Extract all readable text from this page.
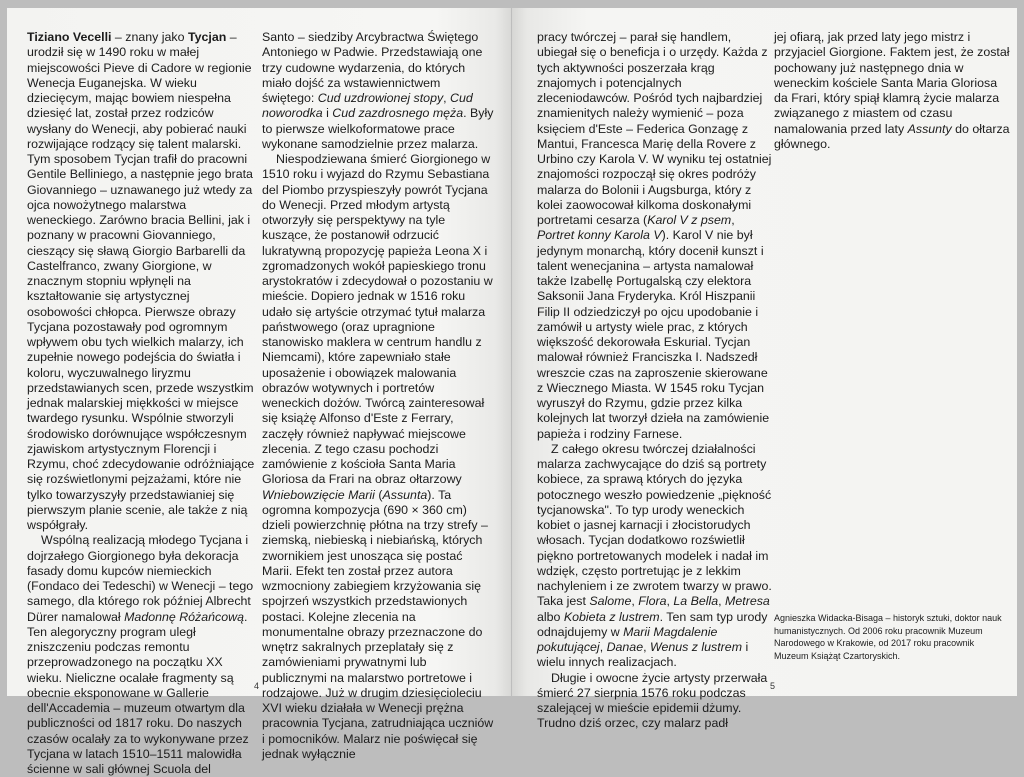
Tiziano Vecelli – znany jako Tycjan – urodził się w 1490 roku w małej miejscowości Pieve di Cadore w regionie Wenecja Euganejska. W wieku dziecięcym, mając bowiem niespełna dziesięć lat, został przez rodziców wysłany do Wenecji, aby pobierać nauki rozwijające rodzący się talent malarski. Tym sposobem Tycjan trafił do pracowni Gentile Belliniego, a następnie jego brata Giovanniego – uznawanego już wtedy za ojca nowożytnego malarstwa weneckiego. Zarówno bracia Bellini, jak i poznany w pracowni Giovanniego, cieszący się sławą Giorgio Barbarelli da Castelfranco, zwany Giorgione, w znacznym stopniu wpłynęli na kształtowanie się artystycznej osobowości chłopca. Pierwsze obrazy Tycjana pozostawały pod ogromnym wpływem obu tych wielkich malarzy, ich zupełnie nowego podejścia do światła i koloru, wyczuwalnego liryzmu przedstawianych scen, przede wszystkim jednak malarskiej miękkości w miejsce twardego rysunku. Wspólnie stworzyli środowisko dorównujące współczesnym zjawiskom artystycznym Florencji i Rzymu, choć zdecydowanie odróżniające się rozświetlonymi pejzażami, które nie tylko towarzyszyły przedstawianiej się pierwszym planie scenie, ale także z nią współgrały.

Wspólną realizacją młodego Tycjana i dojrzałego Giorgionego była dekoracja fasady domu kupców niemieckich (Fondaco dei Tedeschi) w Wenecji – tego samego, dla którego rok później Albrecht Dürer namalował Madonnę Różańcową. Ten alegoryczny program uległ zniszczeniu podczas remontu przeprowadzonego na początku XX wieku. Nieliczne ocalałe fragmenty są obecnie eksponowane w Gallerie dell'Accademia – muzeum otwartym dla publiczności od 1817 roku. Do naszych czasów ocalały za to wykonywane przez Tycjana w latach 1510–1511 malowidła ścienne w sali głównej Scuola del

Santo – siedziby Arcybractwa Świętego Antoniego w Padwie. Przedstawiają one trzy cudowne wydarzenia, do których miało dojść za wstawiennictwem świętego: Cud uzdrowionej stopy, Cud noworodka i Cud zazdrosnego męża. Były to pierwsze wielkoformatowe prace wykonane samodzielnie przez malarza.

Niespodziewana śmierć Giorgionego w 1510 roku i wyjazd do Rzymu Sebastiana del Piombo przyspieszyły powrót Tycjana do Wenecji. Przed młodym artystą otworzyły się perspektywy na tyle kuszące, że postanowił odrzucić lukratywną propozycję papieża Leona X i zgromadzonych wokół papieskiego tronu arystokratów i zdecydował o pozostaniu w mieście. Dopiero jednak w 1516 roku udało się artyście otrzymać tytuł malarza państwowego (oraz upragnione stanowisko maklera w centrum handlu z Niemcami), które zapewniało stałe uposażenie i obowiązek malowania obrazów wotywnych i portretów weneckich dożów. Twórcą zainteresował się książę Alfonso d'Este z Ferrary, zaczęły również napływać miejscowe zlecenia. Z tego czasu pochodzi zamówienie z kościoła Santa Maria Gloriosa da Frari na obraz ołtarzowy Wniebowzięcie Marii (Assunta). Ta ogromna kompozycja (690 × 360 cm) dzieli powierzchnię płótna na trzy strefy – ziemską, niebieską i niebiańską, których zwornikiem jest unosząca się postać Marii. Efekt ten został przez autora wzmocniony zabiegiem krzyżowania się spojrzeń wszystkich przedstawionych postaci. Kolejne zlecenia na monumentalne obrazy przeznaczone do wnętrz sakralnych przeplatały się z zamówieniami prywatnymi lub publicznymi na malarstwo portretowe i rodzajowe. Już w drugim dziesięcioleciu XVI wieku działała w Wenecji prężna pracownia Tycjana, zatrudniająca uczniów i pomocników. Malarz nie poświęcał się jednak wyłącznie

4

pracy twórczej – parał się handlem, ubiegał się o beneficja i o urzędy. Każda z tych aktywności poszerzała krąg znajomych i potencjalnych zleceniodawców. Pośród tych najbardziej znamienitych należy wymienić – poza księciem d'Este – Federica Gonzagę z Mantui, Francesca Marię della Rovere z Urbino czy Karola V. W wyniku tej ostatniej znajomości rozpoczął się okres podróży malarza do Bolonii i Augsburga, który z kolei zaowocował kilkoma doskonałymi portretami cesarza (Karol V z psem, Portret konny Karola V). Karol V nie był jedynym monarchą, który docenił kunszt i talent wenecjanina – artysta namalował także Izabellę Portugalską czy elektora Saksonii Jana Fryderyka. Król Hiszpanii Filip II odziedziczył po ojcu upodobanie i zamówił u artysty wiele prac, z których większość dekorowała Eskurial. Tycjan malował również Franciszka I. Nadszedł wreszcie czas na zaproszenie skierowane z Wiecznego Miasta. W 1545 roku Tycjan wyruszył do Rzymu, gdzie przez kilka kolejnych lat tworzył dzieła na zamówienie papieża i rodziny Farnese.

Z całego okresu twórczej działalności malarza zachwycające do dziś są portrety kobiece, za sprawą których do języka potocznego weszło powiedzenie „piękność tycjanowska". To typ urody weneckich kobiet o jasnej karnacji i złocistorudych włosach. Tycjan dodatkowo rozświetlił piękno portretowanych modelek i nadał im wdzięk, często portretując je z lekkim nachyleniem i ze zwrotem twarzy w prawo. Taka jest Salome, Flora, La Bella, Metresa albo Kobieta z lustrem. Ten sam typ urody odnajdujemy w Marii Magdalenie pokutującej, Danae, Wenus z lustrem i wielu innych realizacjach.

Długie i owocne życie artysty przerwała śmierć 27 sierpnia 1576 roku podczas szalejącej w mieście epidemii dżumy. Trudno dziś orzec, czy malarz padł

jej ofiarą, jak przed laty jego mistrz i przyjaciel Giorgione. Faktem jest, że został pochowany już następnego dnia w weneckim kościele Santa Maria Gloriosa da Frari, który spiął klamrą życie malarza związanego z miastem od czasu namalowania przed laty Assunty do ołtarza głównego.

Agnieszka Widacka-Bisaga – historyk sztuki, doktor nauk humanistycznych. Od 2006 roku pracownik Muzeum Narodowego w Krakowie, od 2017 roku pracownik Muzeum Książąt Czartoryskich.
5
